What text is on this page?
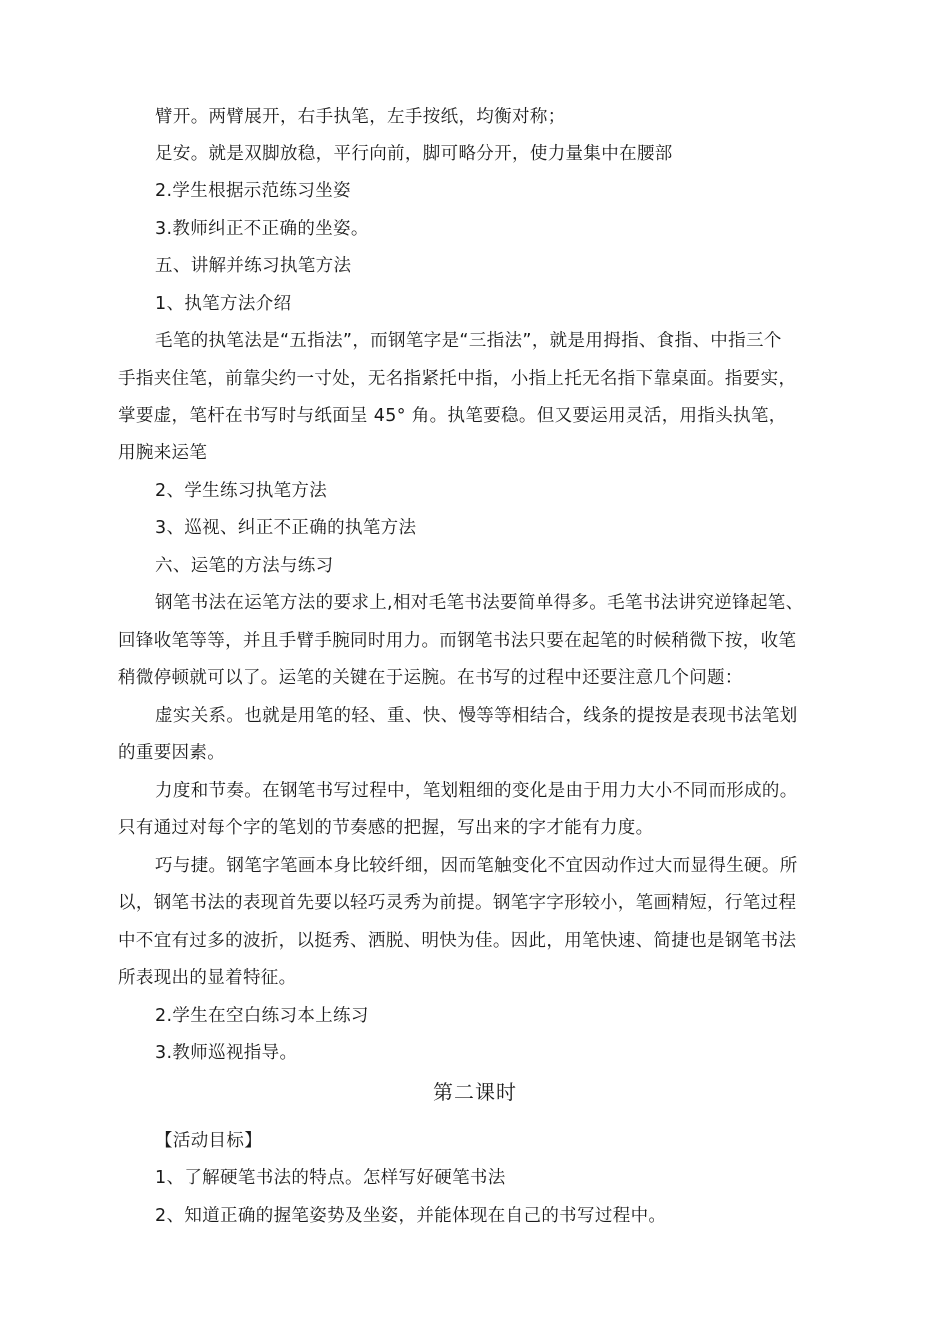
臂开。两臂展开，右手执笔，左手按纸，均衡对称；
足安。就是双脚放稳，平行向前，脚可略分开，使力量集中在腰部
2.学生根据示范练习坐姿
3.教师纠正不正确的坐姿。
五、讲解并练习执笔方法
1、执笔方法介绍
毛笔的执笔法是“五指法”，而钢笔字是“三指法”，就是用拇指、食指、中指三个
手指夹住笔，前靠尖约一寸处，无名指紧托中指，小指上托无名指下靠桌面。指要实，
掌要虚，笔杆在书写时与纸面呈 45° 角。执笔要稳。但又要运用灵活，用指头执笔，
用腕来运笔
2、学生练习执笔方法
3、巡视、纠正不正确的执笔方法
六、运笔的方法与练习
钢笔书法在运笔方法的要求上,相对毛笔书法要简单得多。毛笔书法讲究逆锋起笔、
回锋收笔等等，并且手臂手腕同时用力。而钢笔书法只要在起笔的时候稍微下按，收笔
稍微停顿就可以了。运笔的关键在于运腕。在书写的过程中还要注意几个问题：
虚实关系。也就是用笔的轻、重、快、慢等等相结合，线条的提按是表现书法笔划
的重要因素。
力度和节奏。在钢笔书写过程中，笔划粗细的变化是由于用力大小不同而形成的。
只有通过对每个字的笔划的节奏感的把握，写出来的字才能有力度。
巧与捷。钢笔字笔画本身比较纤细，因而笔触变化不宜因动作过大而显得生硬。所
以，钢笔书法的表现首先要以轻巧灵秀为前提。钢笔字字形较小，笔画精短，行笔过程
中不宜有过多的波折，以挺秀、洒脱、明快为佳。因此，用笔快速、简捷也是钢笔书法
所表现出的显着特征。
2.学生在空白练习本上练习
3.教师巡视指导。
第二课时
【活动目标】
1、了解硬笔书法的特点。怎样写好硬笔书法
2、知道正确的握笔姿势及坐姿，并能体现在自己的书写过程中。
